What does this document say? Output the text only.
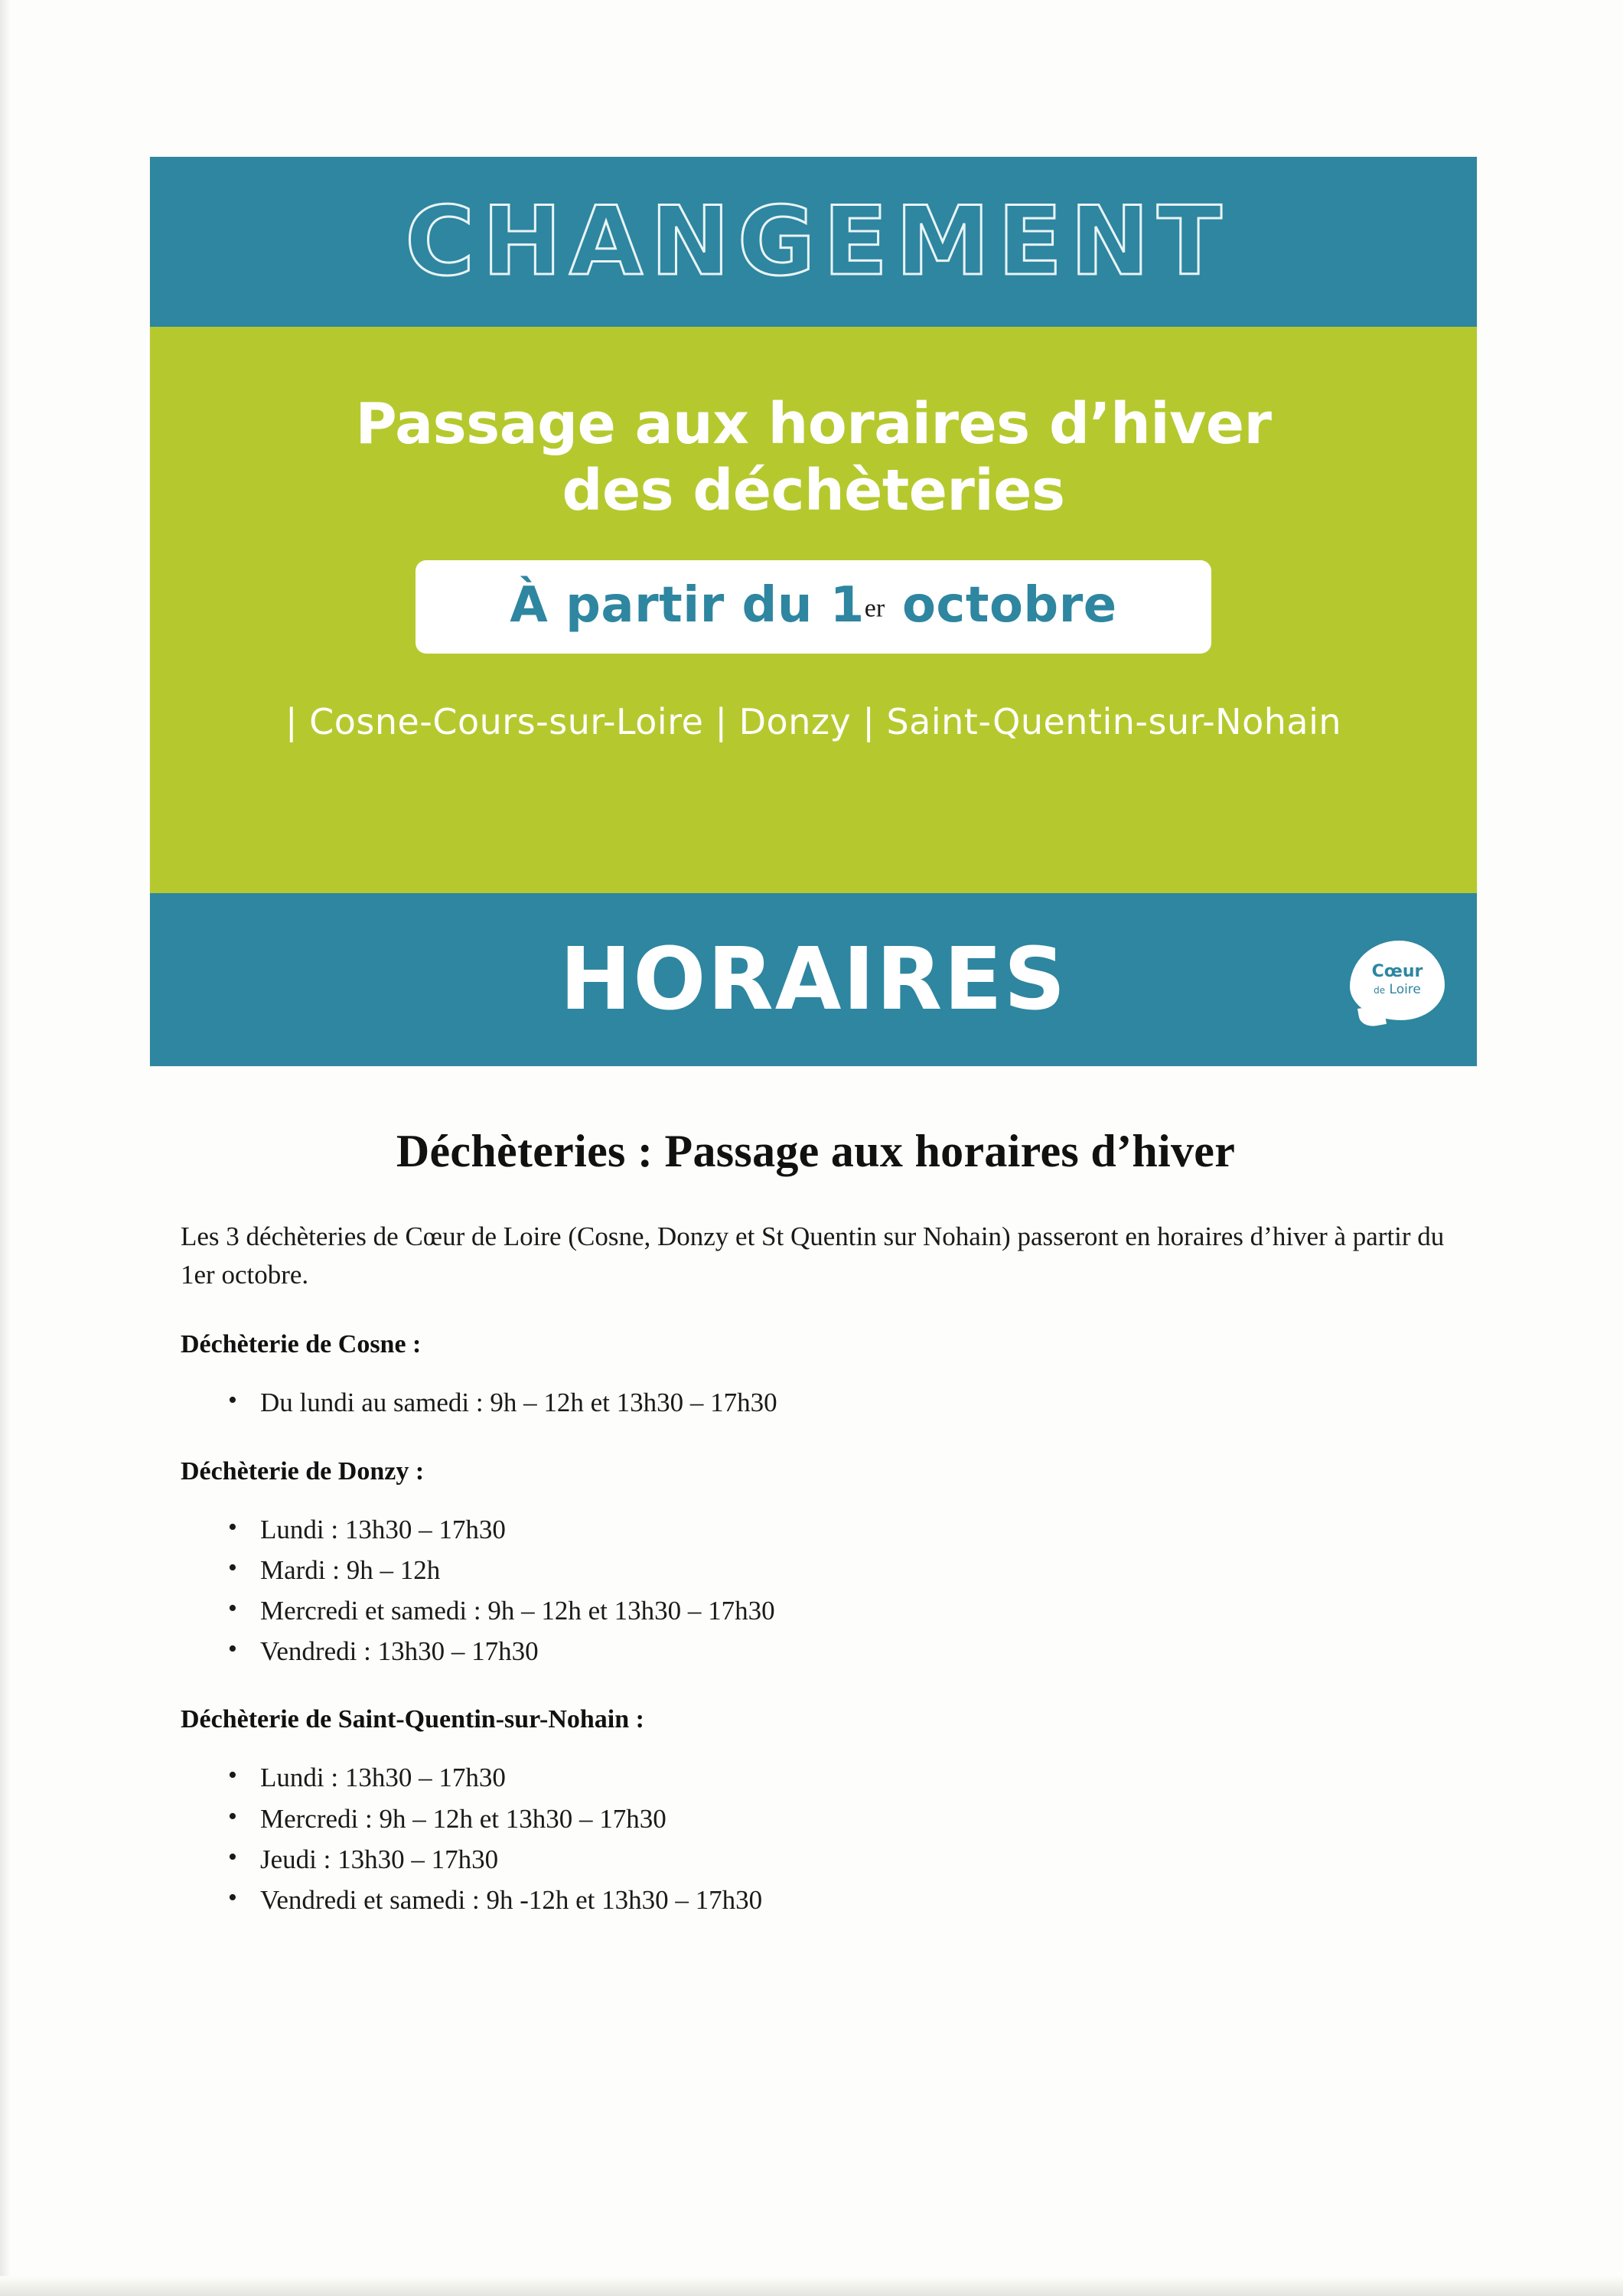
CHANGEMENT
Passage aux horaires d’hiver
des déchèteries
À partir du 1er octobre
| Cosne-Cours-sur-Loire | Donzy | Saint-Quentin-sur-Nohain
HORAIRES	Cœur
de Loire
Déchèteries : Passage aux horaires d’hiver

Les 3 déchèteries de Cœur de Loire (Cosne, Donzy et St Quentin sur Nohain) passeront en horaires d’hiver à partir du 1er octobre.

Déchèterie de Cosne :
• Du lundi au samedi : 9h – 12h et 13h30 – 17h30
Déchèterie de Donzy :
• Lundi : 13h30 – 17h30
• Mardi : 9h – 12h
• Mercredi et samedi : 9h – 12h et 13h30 – 17h30
• Vendredi : 13h30 – 17h30
Déchèterie de Saint-Quentin-sur-Nohain :
• Lundi : 13h30 – 17h30
• Mercredi : 9h – 12h et 13h30 – 17h30
• Jeudi : 13h30 – 17h30
• Vendredi et samedi : 9h -12h et 13h30 – 17h30
